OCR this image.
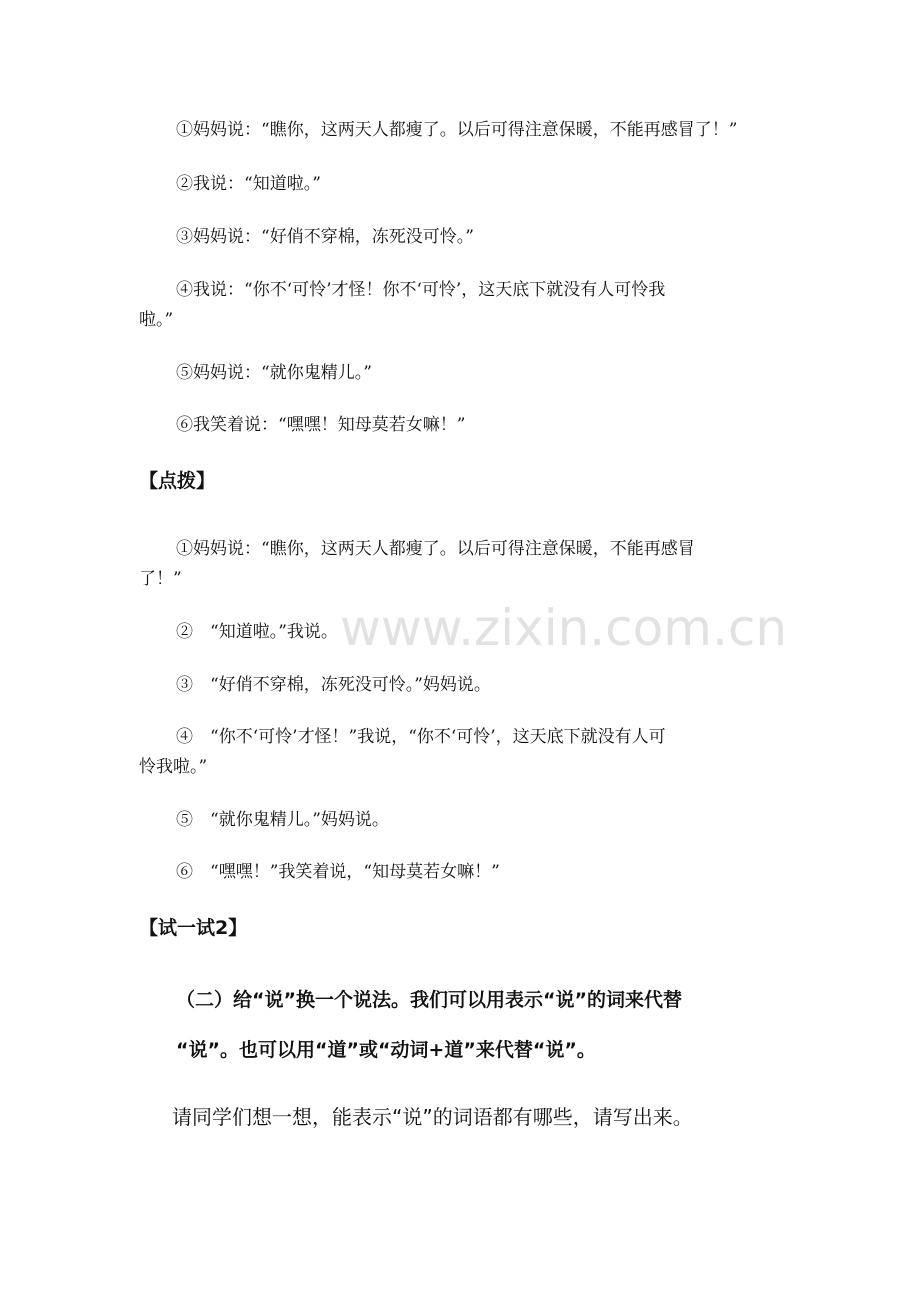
①妈妈说：“瞧你，这两天人都瘦了。以后可得注意保暖，不能再感冒了！”
②我说：“知道啦。”
③妈妈说：“好俏不穿棉，冻死没可怜。”
④我说：“你不‘可怜’才怪！你不‘可怜’，这天底下就没有人可怜我
啦。”
⑤妈妈说：“就你鬼精儿。”
⑥我笑着说：“嘿嘿！知母莫若女嘛！”
【点拨】
①妈妈说：“瞧你，这两天人都瘦了。以后可得注意保暖，不能再感冒
了！”
②　“知道啦。”我说。
③　“好俏不穿棉，冻死没可怜。”妈妈说。
④　“你不‘可怜’才怪！”我说，“你不‘可怜’，这天底下就没有人可
怜我啦。”
⑤　“就你鬼精儿。”妈妈说。
⑥　“嘿嘿！”我笑着说，“知母莫若女嘛！”
【试一试2】
（二）给“说”换一个说法。我们可以用表示“说”的词来代替
“说”。也可以用“道”或“动词+道”来代替“说”。
请同学们想一想，能表示“说”的词语都有哪些，请写出来。
www.zixin.com.cn
